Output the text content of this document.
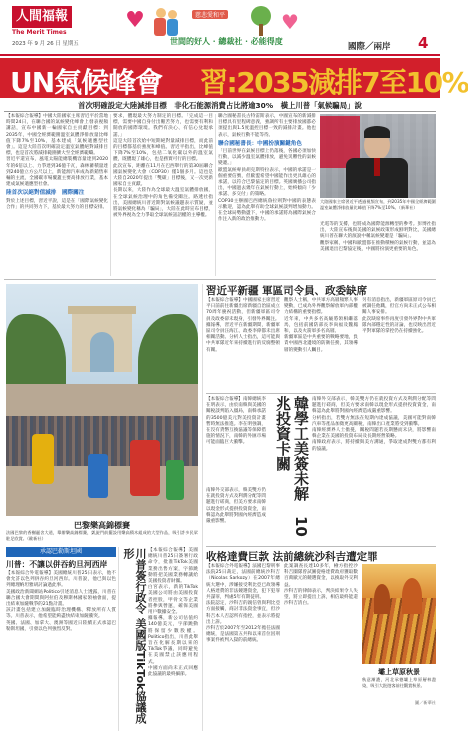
人間福報
The Merit Times
2023 年 9 月 26 日 星期五
♥	慈悲愛和平	♥
世間的好人 · 總裁社 · 必能得度
國際／兩岸 4
UN氣候峰會 習:2035減排7至10%
首次明確設定大陸減排目標　非化石能源消費占比將逾30%　橫上川普「氣候騙局」說

【本報綜合報導】中國大陸國家主席習近平於當地時間24日，在聯合國的氣候變化峰會上發表視頻講話，宣布中國新一輪國家自主貢獻目標：到2035年，中國全經濟範圍溫室氣體淨排放量比峰值下降7%至10%，基本建成「氣候適應型社會」。這是大陸首次明確設定溫室氣體絕對減排目標，也是首次將減排範圍擴大至全經濟範疇。

習近平還宣布，風電太陽能總裝機容量達到2020年的6倍以上、力爭達到36億千瓦，森林蓄積量達到240億立方公尺以上，新能源汽車成為新銷售車輛的主流，全國碳市場覆蓋主要高排放行業，基本建成氣候適應型社會。

陸首次以絕對值減排　國際關注

對於上述目標，習近平說，這是在「國際氣候變化合作」的共同努力下，基於最大努力的目標安排。

要求，體現最大努力制定的目標。「完成這一目標，需要中國自身付出艱苦努力，也需要有利和開放的國際環境。我們有決心、有信心兌現承諾。」

這是大陸首次給中短期絕對量減排目標，而此前的目標都基於強度和峰值。習近平指出，比峰值下降7%至10%，包括二氧化碳以外的溫室氣體，既體現了雄心，也是務實可行的目標。

此次宣布，距離在11月在巴西舉行的第30屆聯合國氣候變化大會（COP30）僅1個多月。這也是大陸自2020年提出「雙碳」目標後，又一次更新國家自主貢獻。

長期以來，大陸作為全球最大溫室氣體排放國，在全球氣候治理中的角色備受關注。路透社指出，美國總統川普近期對氣候議題表示質疑，並將氣候變化稱為「騙局」，大陸在此時宣布目標，被外界視為全力爭取全球氣候話語權的主導權。

聯合國秘書長古特雷斯表示，中國宣布的新減排目標具有里程碑意義，強調所有主要排放國都必須提出與1.5度溫控目標一致的減排計畫。他也表示，氣候行動不能等待。

聯合國秘書長：中國扮演關鍵角色

「目前世界在氣候目標上仍落後，各國必須加快行動，以減少溫室氣體排放，避免災難性的氣候變遷。」

歐盟氣候專員胡克斯特拉表示，中國的承諾是一個重要信號，但歐盟希望中國能作出更具雄心的承諾，以符合巴黎協定的目標。英國廣播公司指出，中國過去幾年在氣候行動上，始終傾向「少承諾、多交付」的策略。

COP30主辦國巴西總統魯拉則對中國的表態表示歡迎，認為此舉有助全球氣候談判增加動力。在全球局勢動盪下，中國的承諾將為國際氣候合作注入新的政治推動力。

大陸國家主席習近平透過視頻宣布，到2035年中國全經濟範圍溫室氣體淨排放量比峰值下降7%至10%。（新華社）

光電等的支撐，也將成為國際能源轉型的參考。彭博社指出，大陸宣布後與美國的氣候政策形成鮮明對比，美國總統川普在聯大的演說中稱氣候變遷是「騙局」。

觀察家稱，中國和歐盟都在推動積極的氣候行動，並認為美國退出巴黎協定後，中國將扮演更重要的角色。

巴黎樂高錦標賽
法國巴黎的香榭麗舍大道，舉辦樂高錦標賽，凱旋門前擺設用樂高積木組成的大型作品，吸引許多民眾駐足欣賞。（歐新社）
承認巴勒斯坦國
川普：不讓以併吞約旦河西岸

【本報綜合外電報導】美國總統川普25日表示，他不會允許以色列併吞約旦河西岸。川普說，他已與以色列總理納坦雅胡討論過此事。

美國政治新聞網站Politico引述消息人士透露，川普在聯合國大會期間與阿拉伯及穆斯林國家領袖會面，提出結束加薩戰爭的21點計畫。

該計畫包括建立加薩臨時治理機構、釋放所有人質等。川普表示，他希望能夠盡快結束加薩衝突。

英國、法國、加拿大、澳洲等國近日陸續正式承認巴勒斯坦國，引發以色列強烈反對。	川普簽行政令 美國版TikTok協議成形	【本報綜合報導】美國總統川普25日簽署行政命令，批准TikTok美國業務出售方案，字節跳動將把美國業務轉讓給美國投資者財團。

白宮表示，新的TikTok美國公司將由美國投資者控股，甲骨文等企業將參與營運，確保美國用戶數據安全。

據報導，新公司估值約140億美元，字節跳動將保留少數股權。Politico指出，川普此舉旨在化解長期以來的TikTok爭議，同時避免在美國禁止該應用程式。

中國方面尚未正式回應此協議的最終細節。

習近平新疆 軍區司令員、政委缺席

【本報綜合報導】中國國家主席習近平日前前往新疆出席新疆自治區成立70周年慶祝活動，但新疆軍區司令員及政委卻未現身，引發外界關注。

據報導，習近平在新疆期間，新疆軍區司令員汪海江、政委李偉都未出席相關活動。分析人士指出，這可能與中共軍隊近年來持續進行的反腐整頓有關。

觀察人士稱，中共軍方高層頻繁人事變動，已成為外界觀察解放軍內部權力結構的重要指標。

近年來，中共多名高級將領相繼落馬，包括前國防部長李尚福及魏鳳和，以及火箭軍多名高層。

新疆軍區是中共重要的戰略要地，負責中國西北邊境的防衛任務，其領導層的變動引人矚目。

另有消息指出，新疆軍區原司令員已被調任他職，但官方尚未正式公布相關人事安排。

此次缺席事件再度引發外界對中共軍隊內部穩定性的討論，也反映出習近平對軍隊的掌控仍在持續強化。

【本報綜合報導】南韓總統李在明表示，由於南韓與美國的關稅談判陷入僵局，南韓承諾的3500億美元對美投資計畫暫時無法推進。李在明強調，在沒有貨幣互換協議等保障措施的情況下，南韓的外匯市場可能面臨巨大衝擊。	韓學工美簽未解　10兆投資卡關	南韓外交部表示，韓美雙方仍在就投資方式及利潤分配等問題進行磋商，但美方要求南韓以現金形式提供投資資金，南韓認為此舉將對國內經濟造成嚴重影響。

分析指出，若雙方無法在短期內達成協議，美國可能對南韓汽車等產品加徵更高關稅，南韓出口產業將受到衝擊。

南韓經濟界人士擔憂，關稅問題若長期懸而未決，將影響南韓企業在美國的投資布局及長期經營策略。

南韓政府表示，將持續與美方溝通，爭取達成對雙方都有利的協議。

南韓外交部表示，韓美雙方仍在就投資方式及利潤分配等問題進行磋商，但美方要求南韓以現金形式提供投資資金，南韓認為此舉將對國內經濟造成嚴重影響。

收格達費巨款 法前總統沙科吉遭定罪

【本報綜合外電報導】法國巴黎刑事法院25日裁定，法國前總統沙科吉（Nicolas Sarkozy）在2007年總統大選中，涉嫌接受利比亞已故領導人格達費的非法競選資金，犯下犯罪共謀罪，判處5年有期徒刑。

法院認定，沙科吉的親信曾與利比亞方面接觸，商討非法資金事宜，但沙科吉本人否認所有指控，並表示將提出上訴。

沙科吉於2007年至2012年擔任法國總統，是法國第五共和以來首位因刑事案件被判入獄的前總統。

此案調查長達10多年，檢方指控沙科吉團隊曾試圖從格達費政府獲取數百萬歐元的競選資金，以換取外交利益。

沙科吉的律師表示，判決結果令人失望，將立即提出上訴，相信最終能還沙科吉清白。

壩上草原秋景
秋意漸濃，河北承德壩上草原層林盡染，吸引大批遊客前往觀賞秋景。
圖／新華社
